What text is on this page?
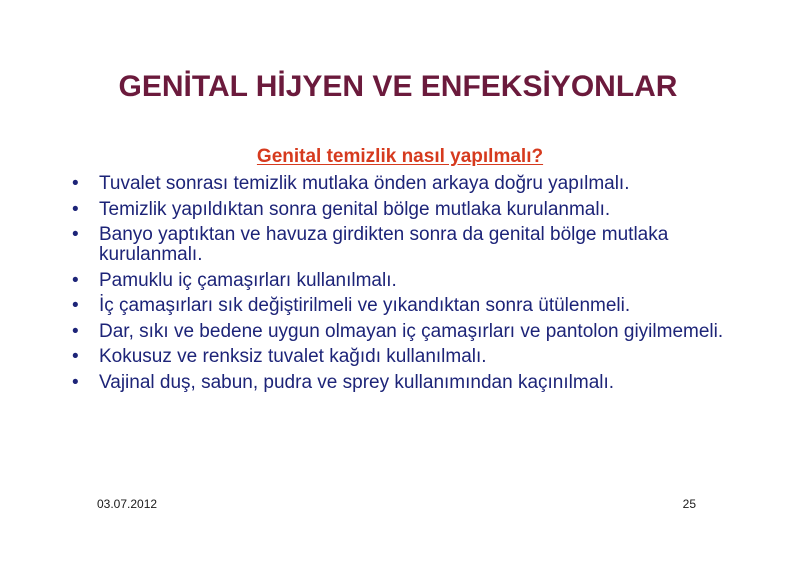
GENİTAL HİJYEN VE ENFEKSİYONLAR
Genital temizlik nasıl yapılmalı?
• Tuvalet sonrası temizlik mutlaka önden arkaya doğru yapılmalı.
• Temizlik yapıldıktan sonra genital bölge mutlaka kurulanmalı.
• Banyo yaptıktan ve havuza girdikten sonra da genital bölge mutlaka kurulanmalı.
• Pamuklu iç çamaşırları kullanılmalı.
• İç çamaşırları sık değiştirilmeli ve yıkandıktan sonra ütülenmeli.
• Dar, sıkı ve bedene uygun olmayan iç çamaşırları ve pantolon giyilmemeli.
• Kokusuz ve renksiz tuvalet kağıdı kullanılmalı.
• Vajinal duş, sabun, pudra ve sprey kullanımından kaçınılmalı.
03.07.2012	25
